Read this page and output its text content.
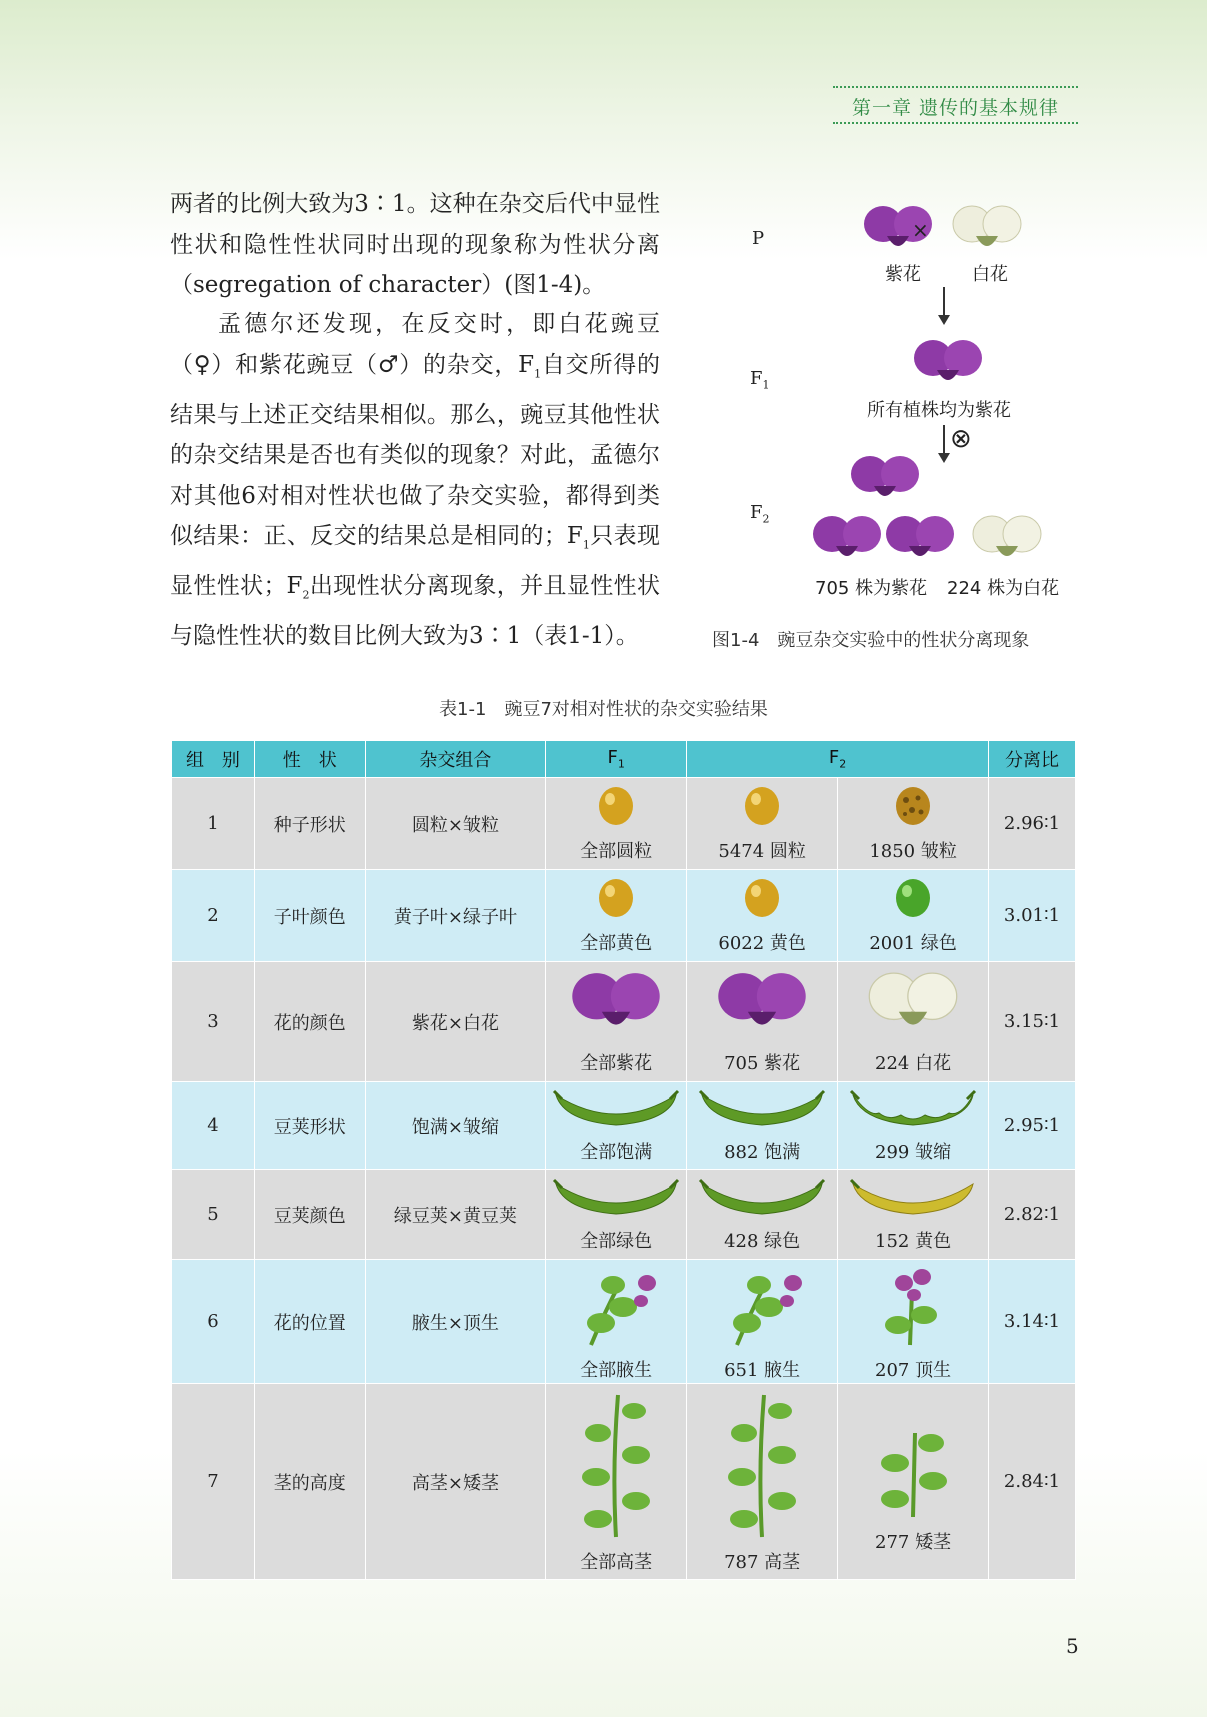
第一章 遗传的基本规律
两者的比例大致为3∶1。这种在杂交后代中显性性状和隐性性状同时出现的现象称为性状分离（segregation of character）(图1-4)。
孟德尔还发现，在反交时，即白花豌豆（♀）和紫花豌豆（♂）的杂交，$F_1$自交所得的结果与上述正交结果相似。那么，豌豆其他性状的杂交结果是否也有类似的现象？对此，孟德尔对其他6对相对性状也做了杂交实验，都得到类似结果：正、反交的结果总是相同的；$F_1$只表现显性性状；$F_2$出现性状分离现象，并且显性性状与隐性性状的数目比例大致为3∶1（表1-1）。
P
$F_1$
$F_2$
×
紫花	白花
所有植株均为紫花
⊗
705 株为紫花 224 株为白花
图1-4　豌豆杂交实验中的性状分离现象
表1-1　豌豆7对相对性状的杂交实验结果
组　别	性　状	杂交组合	$F_1$	$F_2$		分离比
1	种子形状	圆粒×皱粒	全部圆粒	5474 圆粒	1850 皱粒	2.96∶1
2	子叶颜色	黄子叶×绿子叶	全部黄色	6022 黄色	2001 绿色	3.01∶1
3	花的颜色	紫花×白花	全部紫花	705 紫花	224 白花	3.15∶1
4	豆荚形状	饱满×皱缩	全部饱满	882 饱满	299 皱缩	2.95∶1
5	豆荚颜色	绿豆荚×黄豆荚	全部绿色	428 绿色	152 黄色	2.82∶1
6	花的位置	腋生×顶生	全部腋生	651 腋生	207 顶生	3.14∶1
7	茎的高度	高茎×矮茎	全部高茎	787 高茎	277 矮茎	2.84∶1
5
